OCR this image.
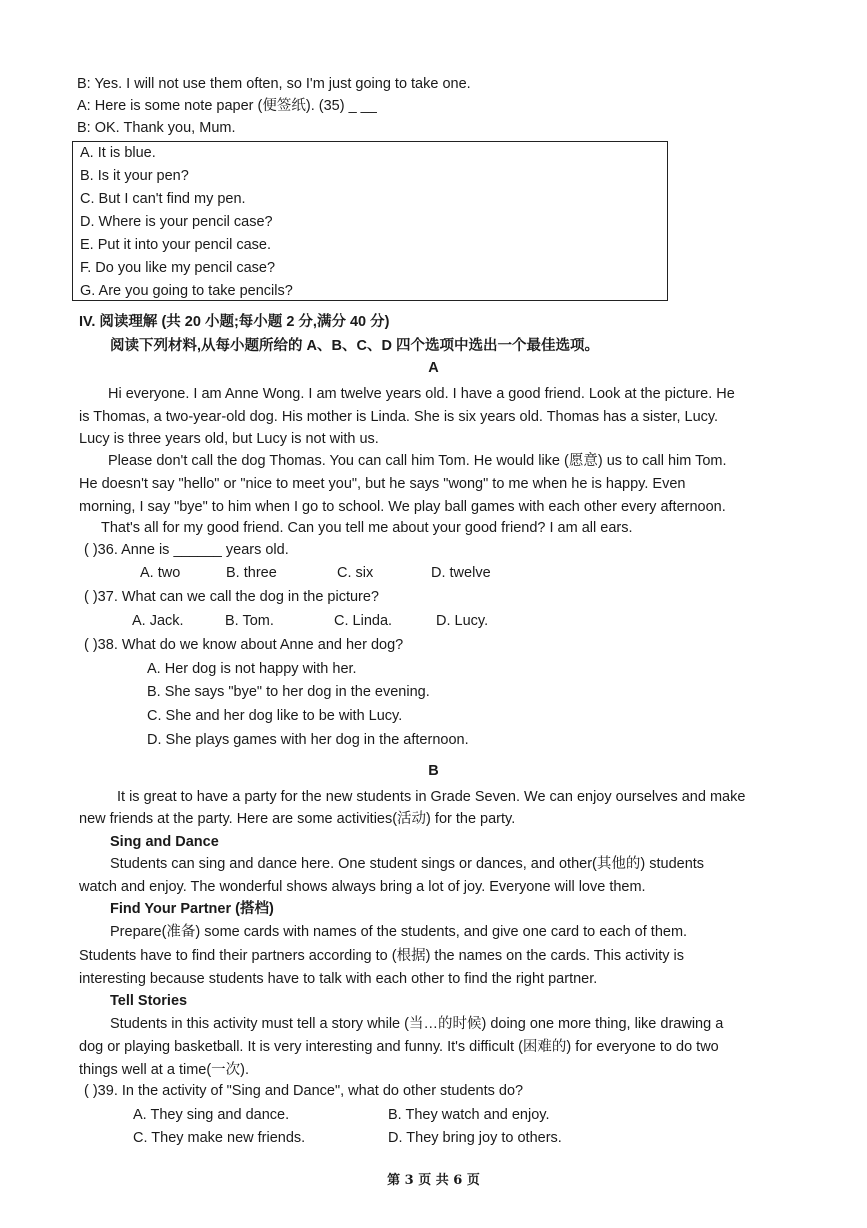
B: Yes. I will not use them often, so I'm just going to take one.
A: Here is some note paper (便签纸). (35) _ __
B: OK. Thank you, Mum.
A. It is blue.
B. Is it your pen?
C. But I can't find my pen.
D. Where is your pencil case?
E. Put it into your pencil case.
F. Do you like my pencil case?
G. Are you going to take pencils?
IV. 阅读理解 (共 20 小题;每小题 2 分,满分 40 分)
阅读下列材料,从每小题所给的 A、B、C、D 四个选项中选出一个最佳选项。
A
Hi everyone. I am Anne Wong. I am twelve years old. I have a good friend. Look at the picture. He
is Thomas, a two-year-old dog. His mother is Linda. She is six years old. Thomas has a sister, Lucy.
Lucy is three years old, but Lucy is not with us.
Please don't call the dog Thomas. You can call him Tom. He would like (愿意) us to call him Tom.
He doesn't say "hello" or "nice to meet you", but he says "wong" to me when he is happy. Even
morning, I say "bye" to him when I go to school. We play ball games with each other every afternoon.
That's all for my good friend. Can you tell me about your good friend? I am all ears.
( )36. Anne is ______ years old.
A. two	B. three	C. six	D. twelve
( )37. What can we call the dog in the picture?
A. Jack.	B. Tom.	C. Linda.	D. Lucy.
( )38. What do we know about Anne and her dog?
A. Her dog is not happy with her.
B. She says "bye" to her dog in the evening.
C. She and her dog like to be with Lucy.
D. She plays games with her dog in the afternoon.
B
It is great to have a party for the new students in Grade Seven. We can enjoy ourselves and make
new friends at the party. Here are some activities(活动) for the party.
Sing and Dance
Students can sing and dance here. One student sings or dances, and other(其他的) students
watch and enjoy. The wonderful shows always bring a lot of joy. Everyone will love them.
Find Your Partner (搭档)
Prepare(准备) some cards with names of the students, and give one card to each of them.
Students have to find their partners according to (根据) the names on the cards. This activity is
interesting because students have to talk with each other to find the right partner.
Tell Stories
Students in this activity must tell a story while (当…的时候) doing one more thing, like drawing a
dog or playing basketball. It is very interesting and funny. It's difficult (困难的) for everyone to do two
things well at a time(一次).
( )39. In the activity of "Sing and Dance", what do other students do?
A. They sing and dance.	B. They watch and enjoy.
C. They make new friends.	D. They bring joy to others.
第 3 页 共 6 页
